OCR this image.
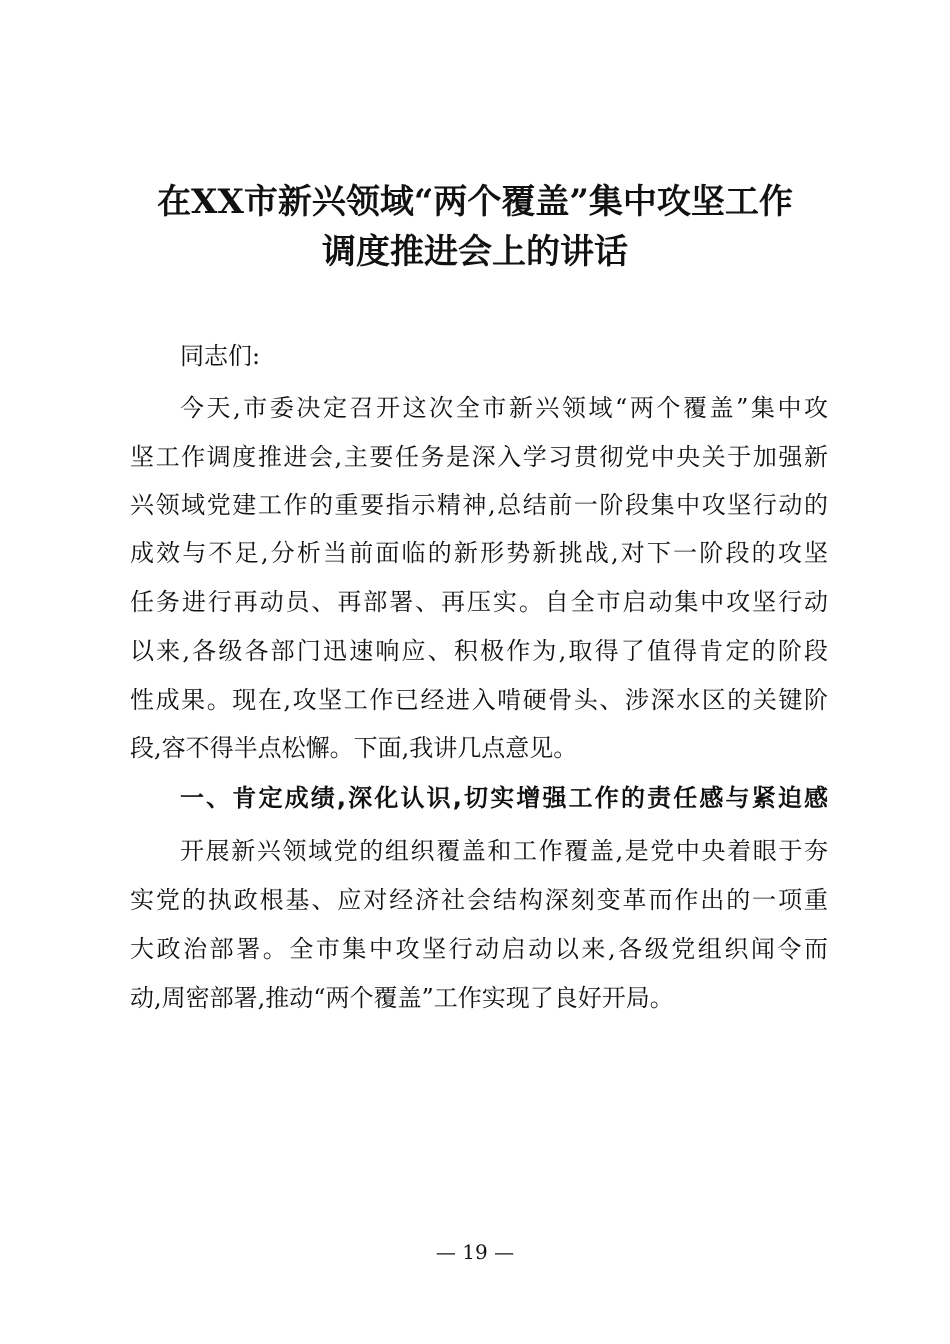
在XX市新兴领域“两个覆盖”集中攻坚工作
调度推进会上的讲话
同志们:
今天,市委决定召开这次全市新兴领域“两个覆盖”集中攻
坚工作调度推进会,主要任务是深入学习贯彻党中央关于加强新
兴领域党建工作的重要指示精神,总结前一阶段集中攻坚行动的
成效与不足,分析当前面临的新形势新挑战,对下一阶段的攻坚
任务进行再动员、再部署、再压实。自全市启动集中攻坚行动
以来,各级各部门迅速响应、积极作为,取得了值得肯定的阶段
性成果。现在,攻坚工作已经进入啃硬骨头、涉深水区的关键阶
段,容不得半点松懈。下面,我讲几点意见。
一、肯定成绩,深化认识,切实增强工作的责任感与紧迫感
开展新兴领域党的组织覆盖和工作覆盖,是党中央着眼于夯
实党的执政根基、应对经济社会结构深刻变革而作出的一项重
大政治部署。全市集中攻坚行动启动以来,各级党组织闻令而
动,周密部署,推动“两个覆盖”工作实现了良好开局。
— 19 —
